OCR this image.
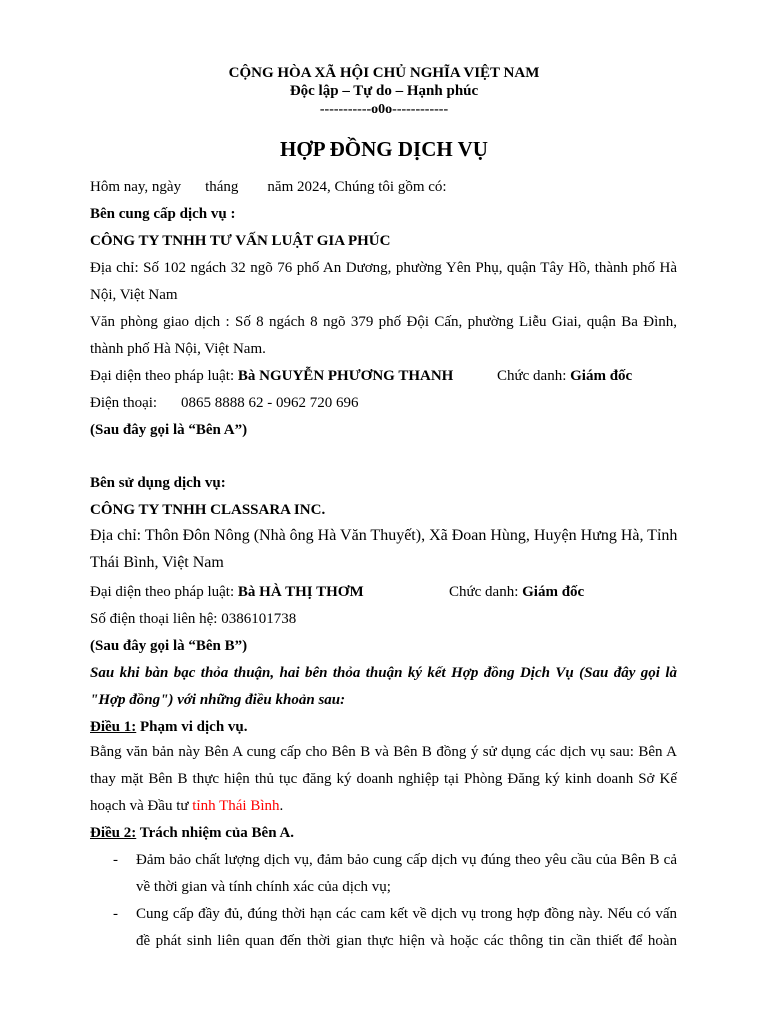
CỘNG HÒA XÃ HỘI CHỦ NGHĨA VIỆT NAM
Độc lập – Tự do – Hạnh phúc
-----------o0o------------
HỢP ĐỒNG DỊCH VỤ
Hôm nay, ngày tháng năm 2024, Chúng tôi gồm có:
Bên cung cấp dịch vụ :
CÔNG TY TNHH TƯ VẤN LUẬT GIA PHÚC
Địa chỉ: Số 102 ngách 32 ngõ 76 phố An Dương, phường Yên Phụ, quận Tây Hồ, thành phố Hà
Nội, Việt Nam
Văn phòng giao dịch : Số 8 ngách 8 ngõ 379 phố Đội Cấn, phường Liễu Giai, quận Ba Đình,
thành phố Hà Nội, Việt Nam.
Đại diện theo pháp luật: Bà NGUYỄN PHƯƠNG THANH	Chức danh: Giám đốc
Điện thoại: 0865 8888 62 - 0962 720 696
(Sau đây gọi là “Bên A”)
Bên sử dụng dịch vụ:
CÔNG TY TNHH CLASSARA INC.
Địa chỉ: Thôn Đôn Nông (Nhà ông Hà Văn Thuyết), Xã Đoan Hùng, Huyện Hưng Hà, Tỉnh
Thái Bình, Việt Nam
Đại diện theo pháp luật: Bà HÀ THỊ THƠM	Chức danh: Giám đốc
Số điện thoại liên hệ: 0386101738
(Sau đây gọi là “Bên B”)
Sau khi bàn bạc thỏa thuận, hai bên thỏa thuận ký kết Hợp đồng Dịch Vụ (Sau đây gọi là
"Hợp đồng") với những điều khoản sau:
Điều 1: Phạm vi dịch vụ.
Bằng văn bản này Bên A cung cấp cho Bên B và Bên B đồng ý sử dụng các dịch vụ sau: Bên A
thay mặt Bên B thực hiện thủ tục đăng ký doanh nghiệp tại Phòng Đăng ký kinh doanh Sở Kế
hoạch và Đầu tư tỉnh Thái Bình.
Điều 2: Trách nhiệm của Bên A.
- Đảm bảo chất lượng dịch vụ, đảm bảo cung cấp dịch vụ đúng theo yêu cầu của Bên B cả
về thời gian và tính chính xác của dịch vụ;
- Cung cấp đầy đủ, đúng thời hạn các cam kết về dịch vụ trong hợp đồng này. Nếu có vấn
đề phát sinh liên quan đến thời gian thực hiện và hoặc các thông tin cần thiết để hoàn
